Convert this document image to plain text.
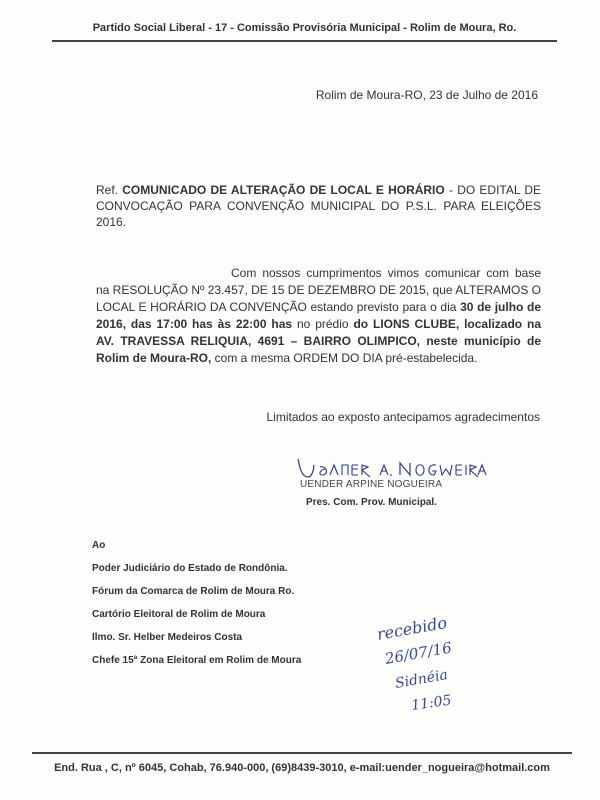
Partido Social Liberal - 17 - Comissão Provisória Municipal - Rolim de Moura, Ro.
Rolim de Moura-RO, 23 de Julho de 2016
Ref. COMUNICADO DE ALTERAÇÃO DE LOCAL E HORÁRIO - DO EDITAL DE CONVOCAÇÃO PARA CONVENÇÃO MUNICIPAL DO P.S.L. PARA ELEIÇÕES 2016.
Com nossos cumprimentos vimos comunicar com base na RESOLUÇÃO Nº 23.457, DE 15 DE DEZEMBRO DE 2015, que ALTERAMOS O LOCAL E HORÁRIO DA CONVENÇÃO estando previsto para o dia 30 de julho de 2016, das 17:00 has às 22:00 has no prédio do LIONS CLUBE, localizado na AV. TRAVESSA RELIQUIA, 4691 – BAIRRO OLIMPICO, neste município de Rolim de Moura-RO, com a mesma ORDEM DO DIA pré-estabelecida.
Limitados ao exposto antecipamos agradecimentos
UENDER ARPINE NOGUEIRA
Pres. Com. Prov. Municipal.
Ao
Poder Judiciário do Estado de Rondônia.
Fórum da Comarca de Rolim de Moura Ro.
Cartório Eleitoral de Rolim de Moura
Ilmo. Sr. Helber Medeiros Costa
Chefe 15ª Zona Eleitoral em Rolim de Moura
recebido
26/07/16
Sidnéia
11:05
End. Rua , C, nº 6045, Cohab, 76.940-000, (69)8439-3010, e-mail:uender_nogueira@hotmail.com
